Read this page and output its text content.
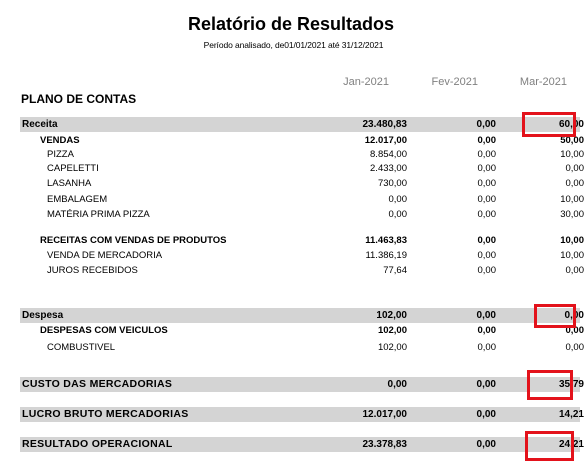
Relatório de Resultados
Período analisado, de01/01/2021 até 31/12/2021
Jan-2021	Fev-2021	Mar-2021
PLANO DE CONTAS
Receita	23.480,83	0,00	60,00
VENDAS	12.017,00	0,00	50,00
PIZZA	8.854,00	0,00	10,00
CAPELETTI	2.433,00	0,00	0,00
LASANHA	730,00	0,00	0,00
EMBALAGEM	0,00	0,00	10,00
MATÉRIA PRIMA PIZZA	0,00	0,00	30,00
RECEITAS COM VENDAS DE PRODUTOS	11.463,83	0,00	10,00
VENDA DE MERCADORIA	11.386,19	0,00	10,00
JUROS RECEBIDOS	77,64	0,00	0,00
Despesa	102,00	0,00	0,00
DESPESAS COM VEICULOS	102,00	0,00	0,00
COMBUSTIVEL	102,00	0,00	0,00
CUSTO DAS MERCADORIAS	0,00	0,00	35,79
LUCRO BRUTO MERCADORIAS	12.017,00	0,00	14,21
RESULTADO OPERACIONAL	23.378,83	0,00	24,21
